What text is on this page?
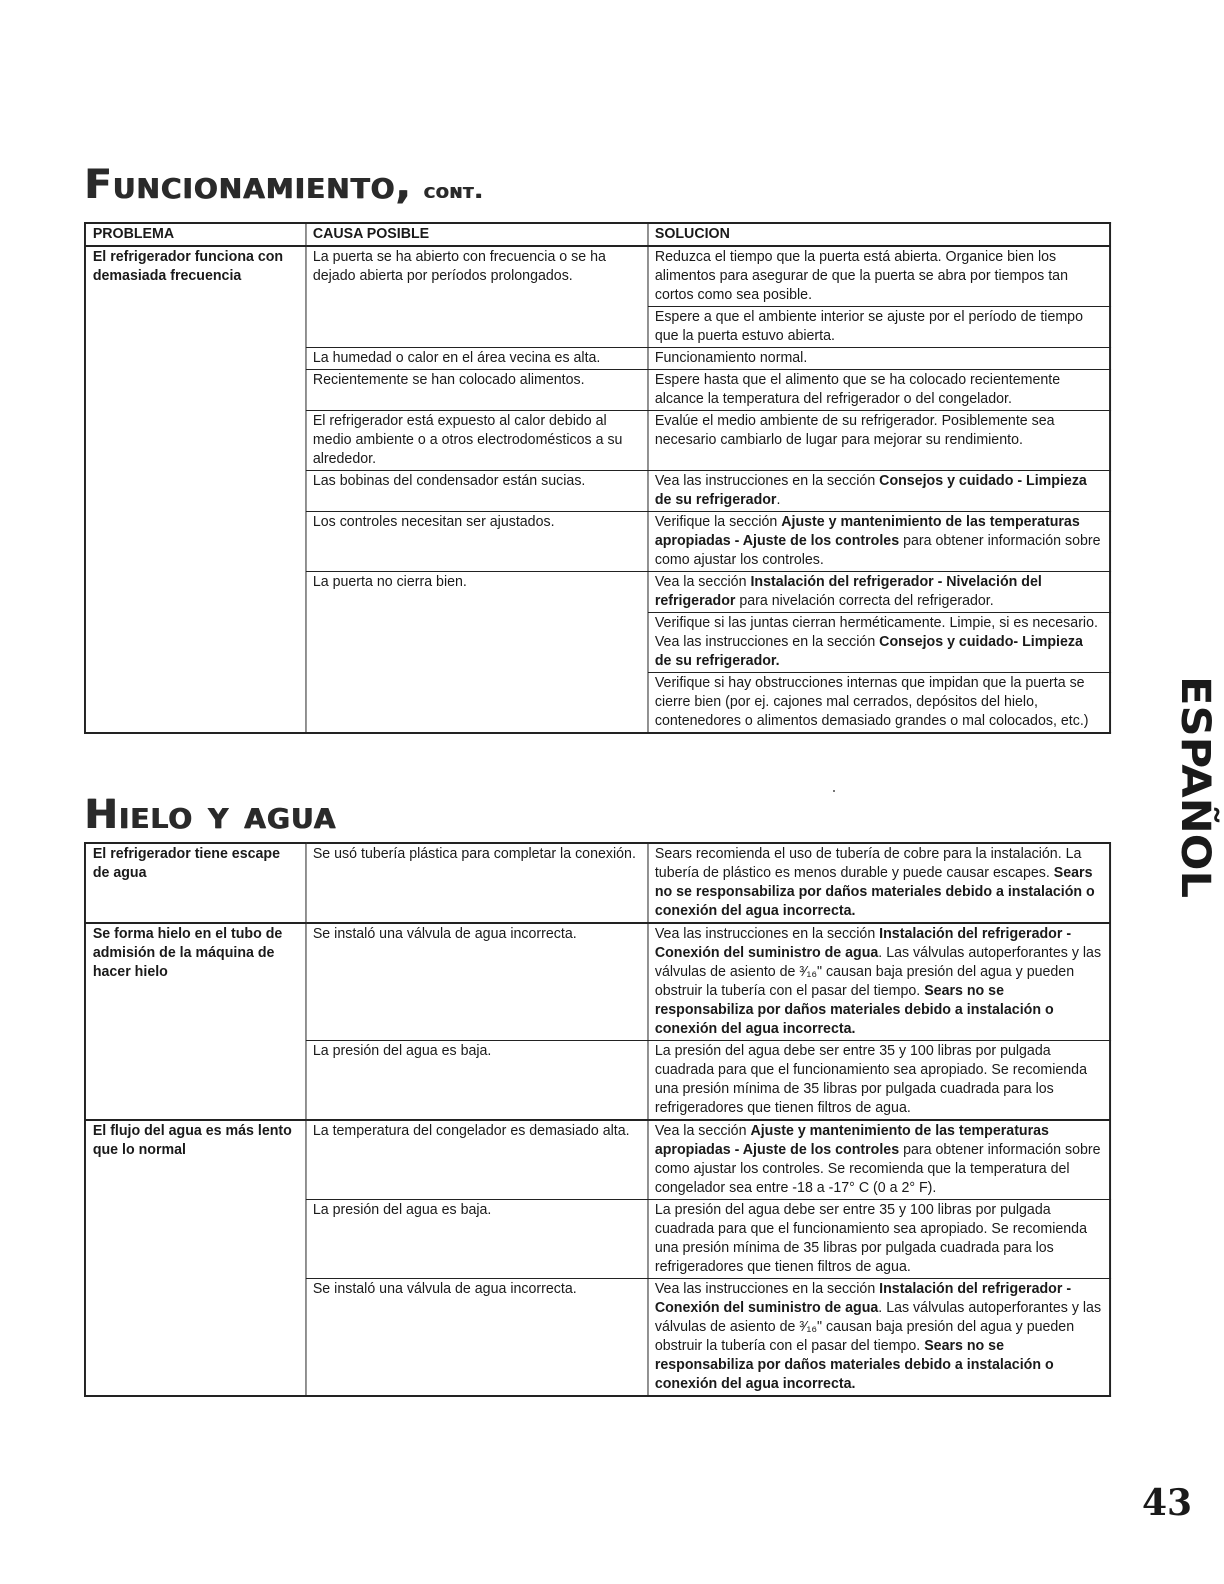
Funcionamiento, cont.
PROBLEMA	CAUSA POSIBLE	SOLUCION
El refrigerador funciona con demasiada frecuencia	La puerta se ha abierto con frecuencia o se ha dejado abierta por períodos prolongados.	Reduzca el tiempo que la puerta está abierta. Organice bien los alimentos para asegurar de que la puerta se abra por tiempos tan cortos como sea posible.
		Espere a que el ambiente interior se ajuste por el período de tiempo que la puerta estuvo abierta.
	La humedad o calor en el área vecina es alta.	Funcionamiento normal.
	Recientemente se han colocado alimentos.	Espere hasta que el alimento que se ha colocado recientemente alcance la temperatura del refrigerador o del congelador.
	El refrigerador está expuesto al calor debido al medio ambiente o a otros electrodomésticos a su alrededor.	Evalúe el medio ambiente de su refrigerador. Posiblemente sea necesario cambiarlo de lugar para mejorar su rendimiento.
	Las bobinas del condensador están sucias.	Vea las instrucciones en la sección Consejos y cuidado - Limpieza de su refrigerador.
	Los controles necesitan ser ajustados.	Verifique la sección Ajuste y mantenimiento de las temperaturas apropiadas - Ajuste de los controles para obtener información sobre como ajustar los controles.
	La puerta no cierra bien.	Vea la sección Instalación del refrigerador - Nivelación del refrigerador para nivelación correcta del refrigerador.
		Verifique si las juntas cierran herméticamente. Limpie, si es necesario. Vea las instrucciones en la sección Consejos y cuidado- Limpieza de su refrigerador.
		Verifique si hay obstrucciones internas que impidan que la puerta se cierre bien (por ej. cajones mal cerrados, depósitos del hielo, contenedores o alimentos demasiado grandes o mal colocados, etc.)
Hielo y agua
El refrigerador tiene escape de agua	Se usó tubería plástica para completar la conexión.	Sears recomienda el uso de tubería de cobre para la instalación. La tubería de plástico es menos durable y puede causar escapes. Sears no se responsabiliza por daños materiales debido a instalación o conexión del agua incorrecta.
Se forma hielo en el tubo de admisión de la máquina de hacer hielo	Se instaló una válvula de agua incorrecta.	Vea las instrucciones en la sección Instalación del refrigerador - Conexión del suministro de agua. Las válvulas autoperforantes y las válvulas de asiento de ³⁄₁₆" causan baja presión del agua y pueden obstruir la tubería con el pasar del tiempo. Sears no se responsabiliza por daños materiales debido a instalación o conexión del agua incorrecta.
	La presión del agua es baja.	La presión del agua debe ser entre 35 y 100 libras por pulgada cuadrada para que el funcionamiento sea apropiado. Se recomienda una presión mínima de 35 libras por pulgada cuadrada para los refrigeradores que tienen filtros de agua.
El flujo del agua es más lento que lo normal	La temperatura del congelador es demasiado alta.	Vea la sección Ajuste y mantenimiento de las temperaturas apropiadas - Ajuste de los controles para obtener información sobre como ajustar los controles. Se recomienda que la temperatura del congelador sea entre -18 a -17° C (0 a 2° F).
	La presión del agua es baja.	La presión del agua debe ser entre 35 y 100 libras por pulgada cuadrada para que el funcionamiento sea apropiado. Se recomienda una presión mínima de 35 libras por pulgada cuadrada para los refrigeradores que tienen filtros de agua.
	Se instaló una válvula de agua incorrecta.	Vea las instrucciones en la sección Instalación del refrigerador - Conexión del suministro de agua. Las válvulas autoperforantes y las válvulas de asiento de ³⁄₁₆" causan baja presión del agua y pueden obstruir la tubería con el pasar del tiempo. Sears no se responsabiliza por daños materiales debido a instalación o conexión del agua incorrecta.
ESPAÑOL

43
